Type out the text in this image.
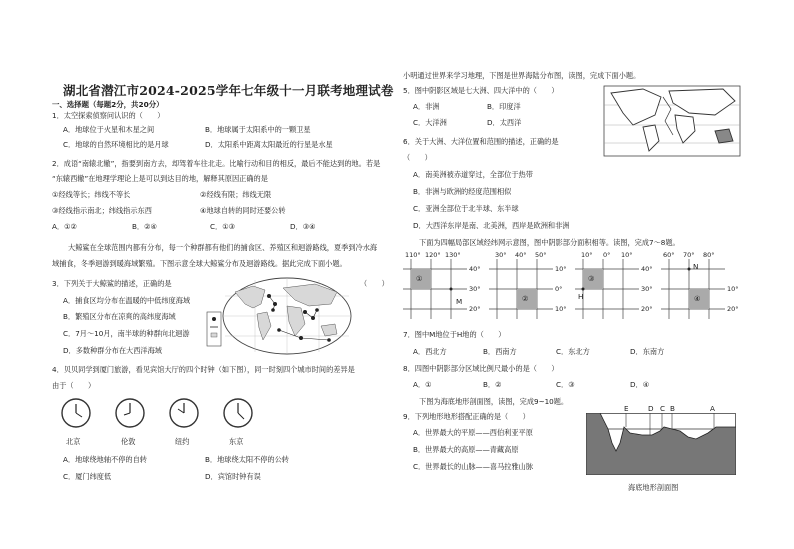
湖北省潜江市2024-2025学年七年级十一月联考地理试卷
一、选择题（每题2分，共20分）
1．太空探索侦察问认识的（　　）
A．地球位于火星和木星之间	B．地球属于太阳系中的一颗卫星
C．地球的自然环境相比的是月球	D．太阳系中距离太阳最近的行星是水星
2．成语“南辕北辙”，指要到南方去，却驾着车往北走。比喻行动和目的相反，最后不能达到的地。若是
“东辕西辙”在地理学理论上是可以到达目的地，解释其原因正确的是
①经线等长；纬线不等长	②经线有限；纬线无限
③经线指示南北；纬线指示东西	④地球自转的同时还要公转
A．①②	B．②④	C．①③	D．③④
大鲸鲨在全球范围内都有分布，每一个种群都有他们的捕食区、养殖区和迴游路线，夏季到冷水海
域捕食，冬季迴游到暖海域繁殖。下图示意全球大鲸鲨分布及迴游路线。据此完成下面小题。
3．下列关于大鲸鲨的描述，正确的是	（　　）
A．捕食区均分布在温暖的中低纬度海域
B．繁殖区分布在凉爽的高纬度海域
C．7月～10月，南半球的种群向北迴游
D．多数种群分布在大西洋海域
4．贝贝同学到厦门旅游，看见宾馆大厅的四个时钟（如下图），同一时刻四个城市时间的差异是
由于（　　）
北京	伦敦	纽约	东京
A．地球绕地轴不停的自转	B．地球绕太阳不停的公转
C．厦门纬度低	D．宾馆时钟有误
小明通过世界来学习地理，下图是世界海陆分布图，读图，完成下面小题。
5．图中阴影区域是七大洲、四大洋中的（　　）
A．非洲	B．印度洋
C．大洋洲	D．太西洋
6．关于大洲、大洋位置和范围的描述，正确的是
（　　）
A．南美洲被赤道穿过，全部位于热带
B．非洲与欧洲的经度范围相似
C．亚洲全部位于北半球、东半球
D．大西洋东岸是南、北美洲，西岸是欧洲和非洲
下面为四幅局部区域经纬网示意图，图中阴影部分面积相等。读图，完成7～8题。
110° 120° 130°
①
M
40°
30°
20°
30° 40° 50°
②
10°
0°
10°
10° 0° 10°
③
H
40°
30°
20°
60° 70° 80°
④
N
10°
20°
7．图中M地位于H地的（　　）
A．西北方	B．西南方	C．东北方	D．东南方
8．四图中阴影部分区域比例尺最小的是（　　）
A．①	B．②	C．③	D．④
下图为海底地形剖面图，读图，完成9~10题。
9．下列地形地形搭配正确的是（　　）
A．世界最大的平原——西伯利亚平原
B．世界最大的高原——青藏高原
C．世界最长的山脉——喜马拉雅山脉
E	D C B	A
海底地形剖面图
